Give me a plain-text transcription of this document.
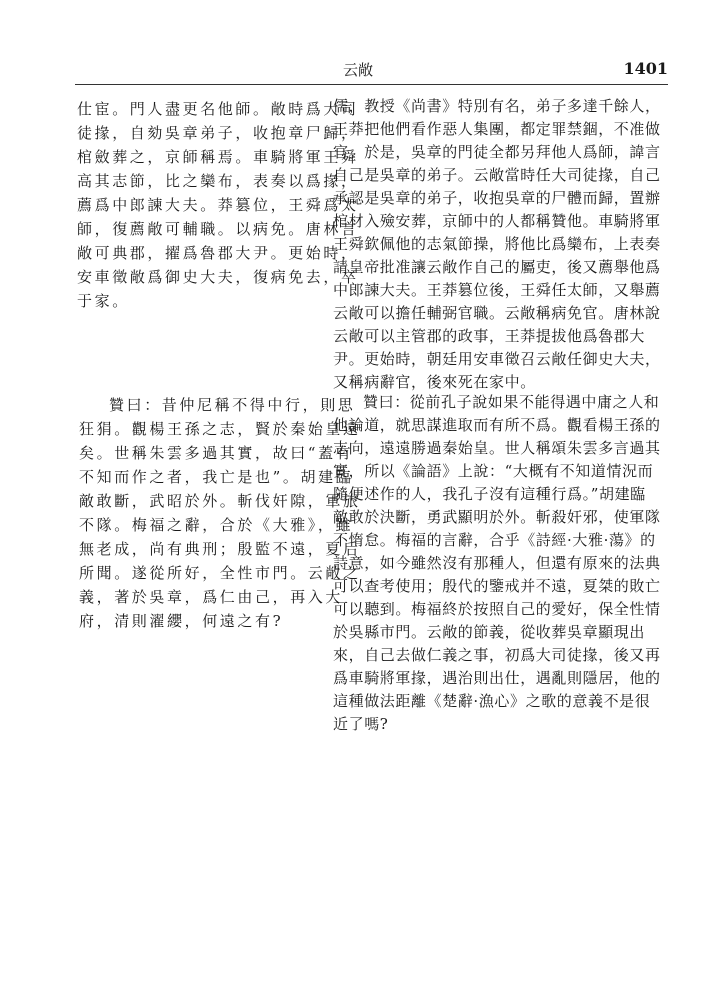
云敞	1401
仕宦。門人盡更名他師。敞時爲大司
徒掾，自劾吳章弟子，收抱章尸歸，
棺斂葬之，京師稱焉。車騎將軍王舜
高其志節，比之欒布，表奏以爲掾，
薦爲中郎諫大夫。莽篡位，王舜爲太
師，復薦敞可輔職。以病免。唐林言
敞可典郡，擢爲魯郡大尹。更始時，
安車徵敞爲御史大夫，復病免去，卒
于家。
儒，教授《尚書》特別有名，弟子多達千餘人，
王莽把他們看作惡人集團，都定罪禁錮，不准做
官。於是，吳章的門徒全都另拜他人爲師，諱言
自己是吳章的弟子。云敞當時任大司徒掾，自己
承認是吳章的弟子，收抱吳章的尸體而歸，置辦
棺材入殮安葬，京師中的人都稱贊他。車騎將軍
王舜欽佩他的志氣節操，將他比爲欒布，上表奏
請皇帝批准讓云敞作自己的屬吏，後又薦舉他爲
中郎諫大夫。王莽篡位後，王舜任太師，又舉薦
云敞可以擔任輔弼官職。云敞稱病免官。唐林說
云敞可以主管郡的政事，王莽提拔他爲魯郡大
尹。更始時，朝廷用安車徵召云敞任御史大夫，
又稱病辭官，後來死在家中。
贊曰：昔仲尼稱不得中行，則思
狂狷。觀楊王孫之志，賢於秦始皇遠
矣。世稱朱雲多過其實，故曰“蓋有
不知而作之者，我亡是也”。胡建臨
敵敢斷，武昭於外。斬伐奸隙，軍旅
不隊。梅福之辭，合於《大雅》，雖
無老成，尚有典刑；殷監不遠，夏后
所聞。遂從所好，全性市門。云敞之
義，著於吳章，爲仁由己，再入大
府，清則濯纓，何遠之有?
贊曰：從前孔子說如果不能得遇中庸之人和
他論道，就思謀進取而有所不爲。觀看楊王孫的
志向，遠遠勝過秦始皇。世人稱頌朱雲多言過其
實，所以《論語》上說：“大概有不知道情況而
隨便述作的人，我孔子沒有這種行爲。”胡建臨
敵敢於決斷，勇武顯明於外。斬殺奸邪，使軍隊
不惰怠。梅福的言辭，合乎《詩經·大雅·蕩》的
詩意，如今雖然沒有那種人，但還有原來的法典
可以查考使用；殷代的鑒戒并不遠，夏桀的敗亡
可以聽到。梅福終於按照自己的愛好，保全性情
於吳縣市門。云敞的節義，從收葬吳章顯現出
來，自己去做仁義之事，初爲大司徒掾，後又再
爲車騎將軍掾，遇治則出仕，遇亂則隱居，他的
這種做法距離《楚辭·漁心》之歌的意義不是很
近了嗎?
